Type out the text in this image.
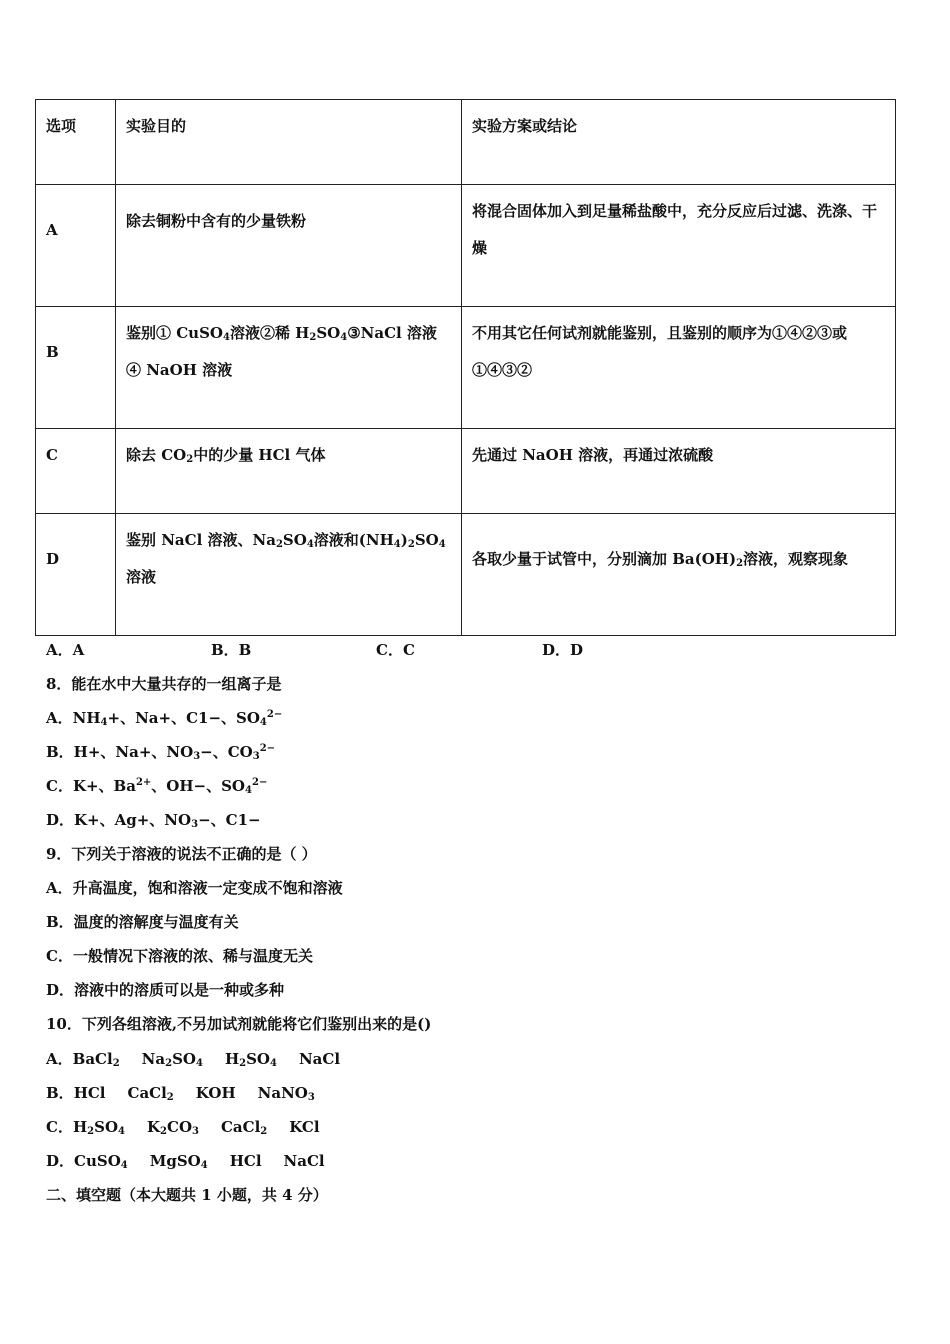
选项	实验目的	实验方案或结论
A	除去铜粉中含有的少量铁粉	将混合固体加入到足量稀盐酸中，充分反应后过滤、洗涤、干燥
B	鉴别① CuSO$_4$溶液②稀 $H_2SO_4③NaCl$ 溶液④ NaOH 溶液	不用其它任何试剂就能鉴别，且鉴别的顺序为①④②③或①④③②
C	除去 $CO_2$中的少量 HCl 气体	先通过 NaOH 溶液，再通过浓硫酸
D	鉴别 NaCl 溶液、$Na_2SO_4$溶液和$(NH_4)_2SO_4$溶液	各取少量于试管中，分别滴加 $Ba(OH)_2$溶液，观察现象
A．A	B．B	C．C	D．D
8．能在水中大量共存的一组离子是
A．$NH_4+$、Na+、C1−、$SO_4^{2-}$
B．H+、Na+、$NO_3-$、$CO_3^{2-}$
C．K+、$Ba^{2+}$、OH−、$SO_4^{2-}$
D．K+、Ag+、$NO_3-$、C1−
9．下列关于溶液的说法不正确的是（ ）
A．升高温度，饱和溶液一定变成不饱和溶液
B．温度的溶解度与温度有关
C．一般情况下溶液的浓、稀与温度无关
D．溶液中的溶质可以是一种或多种
10．下列各组溶液,不另加试剂就能将它们鉴别出来的是()
A．BaCl$_2$ $Na_2SO_4$ $H_2SO_4$ NaCl
B．HCl CaCl$_2$ KOH NaNO$_3$
C．$H_2SO_4$ $K_2CO_3$ CaCl$_2$ KCl
D．CuSO$_4$ MgSO$_4$ HCl NaCl
二、填空题（本大题共 1 小题，共 4 分）
